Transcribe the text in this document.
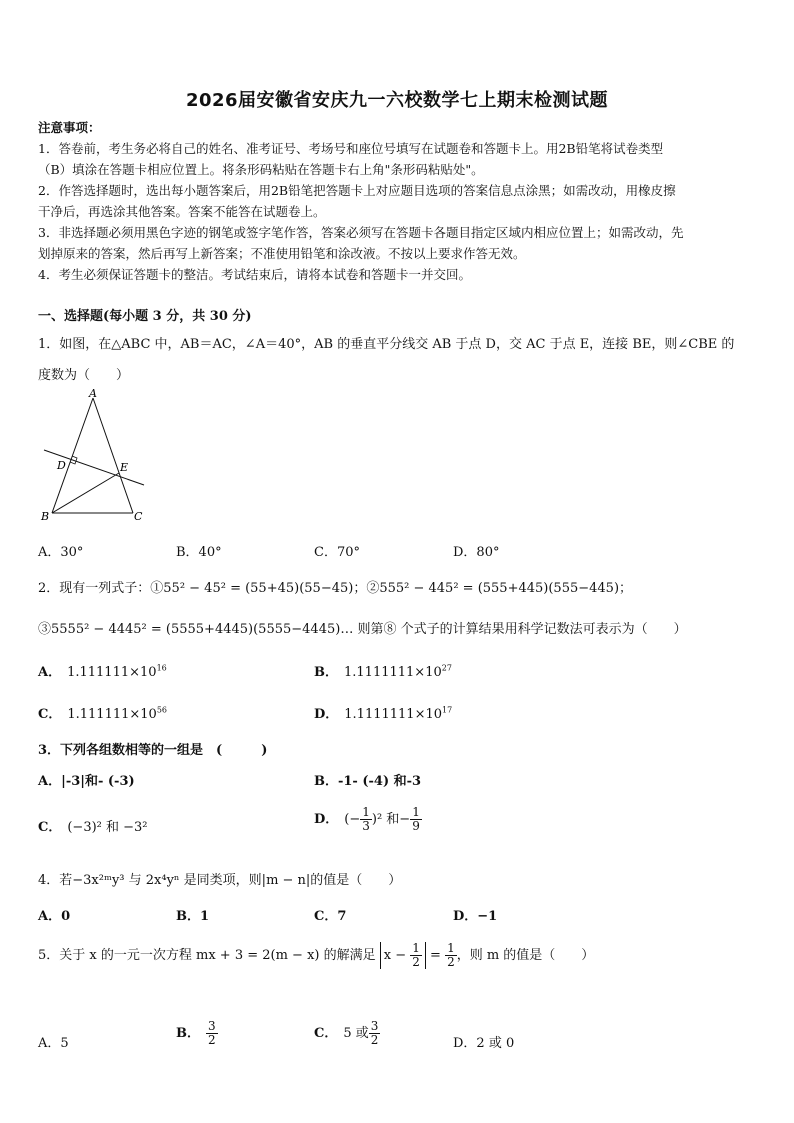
2026届安徽省安庆九一六校数学七上期末检测试题
注意事项：
1．答卷前，考生务必将自己的姓名、准考证号、考场号和座位号填写在试题卷和答题卡上。用2B铅笔将试卷类型
（B）填涂在答题卡相应位置上。将条形码粘贴在答题卡右上角"条形码粘贴处"。
2．作答选择题时，选出每小题答案后，用2B铅笔把答题卡上对应题目选项的答案信息点涂黑；如需改动，用橡皮擦
干净后，再选涂其他答案。答案不能答在试题卷上。
3．非选择题必须用黑色字迹的钢笔或签字笔作答，答案必须写在答题卡各题目指定区域内相应位置上；如需改动，先
划掉原来的答案，然后再写上新答案；不准使用铅笔和涂改液。不按以上要求作答无效。
4．考生必须保证答题卡的整洁。考试结束后，请将本试卷和答题卡一并交回。
一、选择题(每小题 3 分，共 30 分)
1．如图，在△ABC 中，AB＝AC，∠A＝40°，AB 的垂直平分线交 AB 于点 D，交 AC 于点 E，连接 BE，则∠CBE 的
度数为（　　）
A
B	C
D	E
A．30°	B．40°	C．70°	D．80°
2．现有一列式子：①55² − 45² = (55+45)(55−45)；②555² − 445² = (555+445)(555−445)；
③5555² − 4445² = (5555+4445)(5555−4445)… 则第⑧ 个式子的计算结果用科学记数法可表示为（　　）
A． $1.111111\times 10^{16}$	B． $1.1111111\times 10^{27}$
C． $1.111111\times 10^{56}$	D． $1.1111111\times 10^{17}$
3．下列各组数相等的一组是　(　　　)
A．|-3|和- (-3)	B．-1- (-4) 和-3
C． (−3)² 和 −3²
D． (− $\frac{1}{3} )^2$ 和− $\frac{1}{9}$
4．若−3x²ᵐy³ 与 2x⁴yⁿ 是同类项，则|m − n|的值是（　　）
A．0	B．1	C．7	D．−1
5．关于 x 的一元一次方程 mx + 3 = 2(m − x) 的解满足 $x - \frac{1}{2} = \frac{1}{2}$ ，则 m 的值是（　　）
A．5
B． $\frac{3}{2}$	C． 5 或 $\frac{3}{2}$	D．2 或 0
